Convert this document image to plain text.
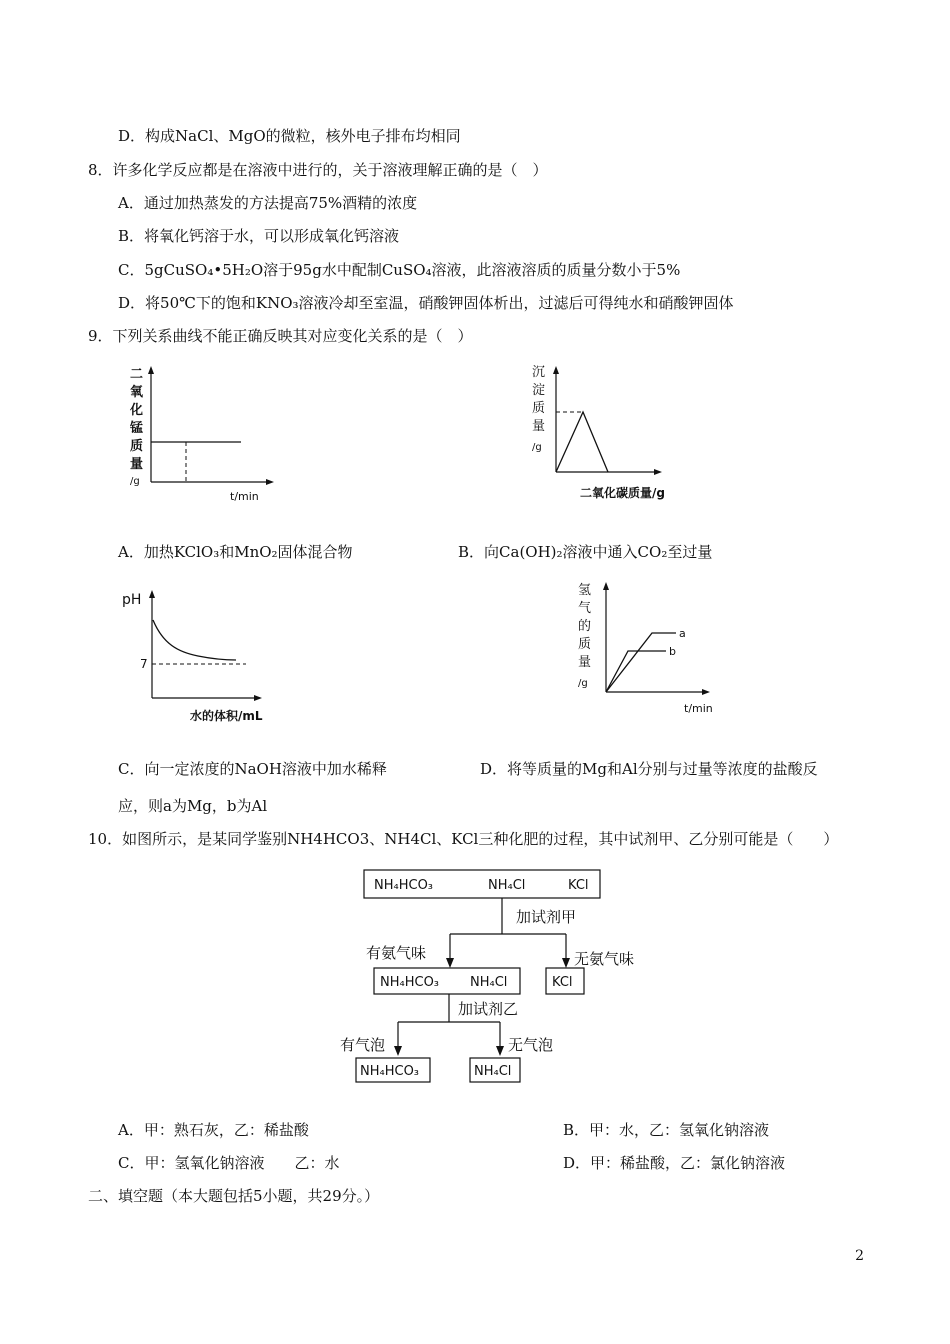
D．构成NaCl、MgO的微粒，核外电子排布均相同
8．许多化学反应都是在溶液中进行的，关于溶液理解正确的是（　）
A．通过加热蒸发的方法提高75%酒精的浓度
B．将氧化钙溶于水，可以形成氧化钙溶液
C．5gCuSO₄•5H₂O溶于95g水中配制CuSO₄溶液，此溶液溶质的质量分数小于5%
D．将50℃下的饱和KNO₃溶液冷却至室温，硝酸钾固体析出，过滤后可得纯水和硝酸钾固体
9．下列关系曲线不能正确反映其对应变化关系的是（　）
二
氧
化
锰
质
量
/g
t/min
沉
淀
质
量
/g
二氧化碳质量/g
A．加热KClO₃和MnO₂固体混合物	B．向Ca(OH)₂溶液中通入CO₂至过量
pH
7
水的体积/mL
氢
气
的
质
量
/g
a
b
t/min
C．向一定浓度的NaOH溶液中加水稀释	D．将等质量的Mg和Al分别与过量等浓度的盐酸反
应，则a为Mg，b为Al
10．如图所示，是某同学鉴别NH4HCO3、NH4Cl、KCl三种化肥的过程，其中试剂甲、乙分别可能是（　　）
NH₄HCO₃	NH₄Cl	KCl
加试剂甲
有氨气味	无氨气味
NH₄HCO₃ NH₄Cl	KCl
加试剂乙
有气泡	无气泡
NH₄HCO₃	NH₄Cl
A．甲：熟石灰，乙：稀盐酸	B．甲：水，乙：氢氧化钠溶液
C．甲：氢氧化钠溶液　　乙：水	D．甲：稀盐酸，乙：氯化钠溶液
二、填空题（本大题包括5小题，共29分。）
2
